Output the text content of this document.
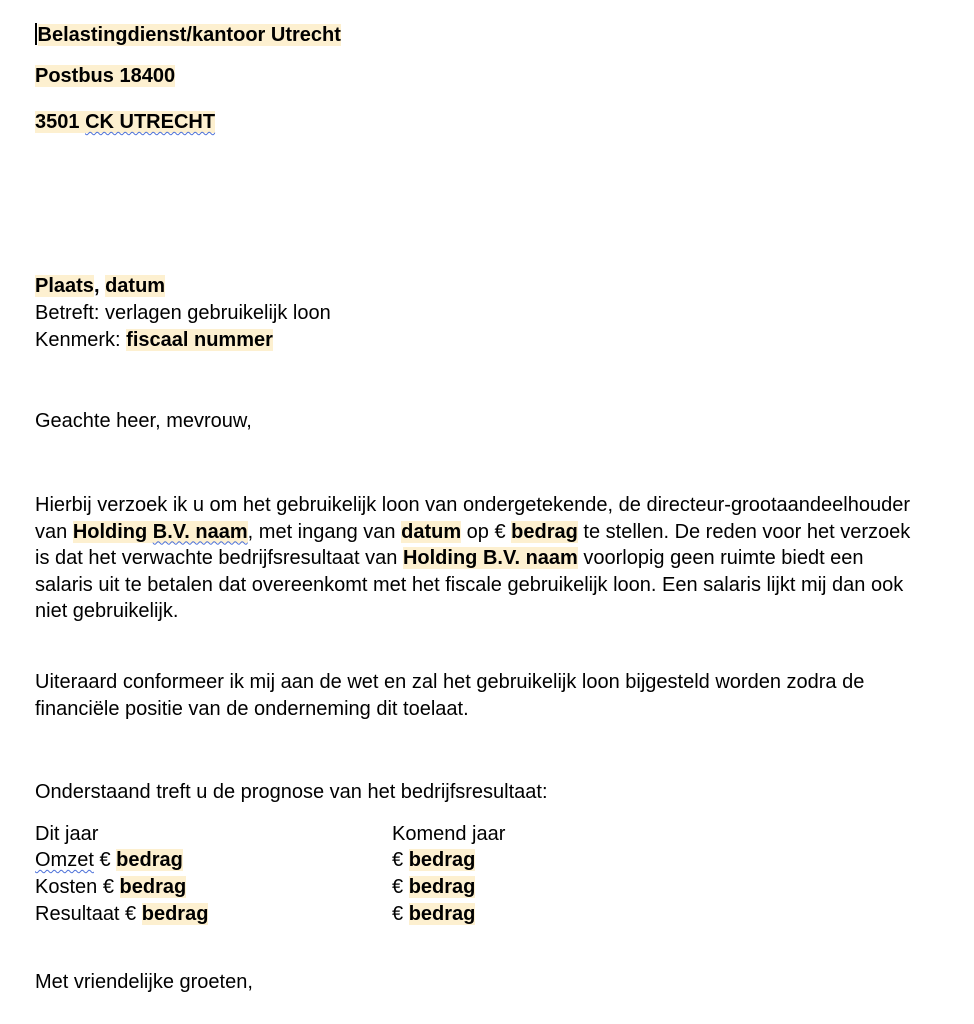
Belastingdienst/kantoor Utrecht
Postbus 18400
3501 CK UTRECHT
Plaats, datum
Betreft: verlagen gebruikelijk loon
Kenmerk: fiscaal nummer
Geachte heer, mevrouw,
Hierbij verzoek ik u om het gebruikelijk loon van ondergetekende, de directeur-grootaandeelhouder van Holding B.V. naam, met ingang van datum op € bedrag te stellen. De reden voor het verzoek is dat het verwachte bedrijfsresultaat van Holding B.V. naam voorlopig geen ruimte biedt een salaris uit te betalen dat overeenkomt met het fiscale gebruikelijk loon. Een salaris lijkt mij dan ook niet gebruikelijk.
Uiteraard conformeer ik mij aan de wet en zal het gebruikelijk loon bijgesteld worden zodra de financiële positie van de onderneming dit toelaat.
Onderstaand treft u de prognose van het bedrijfsresultaat:
Dit jaar
Omzet € bedrag
Kosten € bedrag
Resultaat € bedrag
Komend jaar
€ bedrag
€ bedrag
€ bedrag
Met vriendelijke groeten,
